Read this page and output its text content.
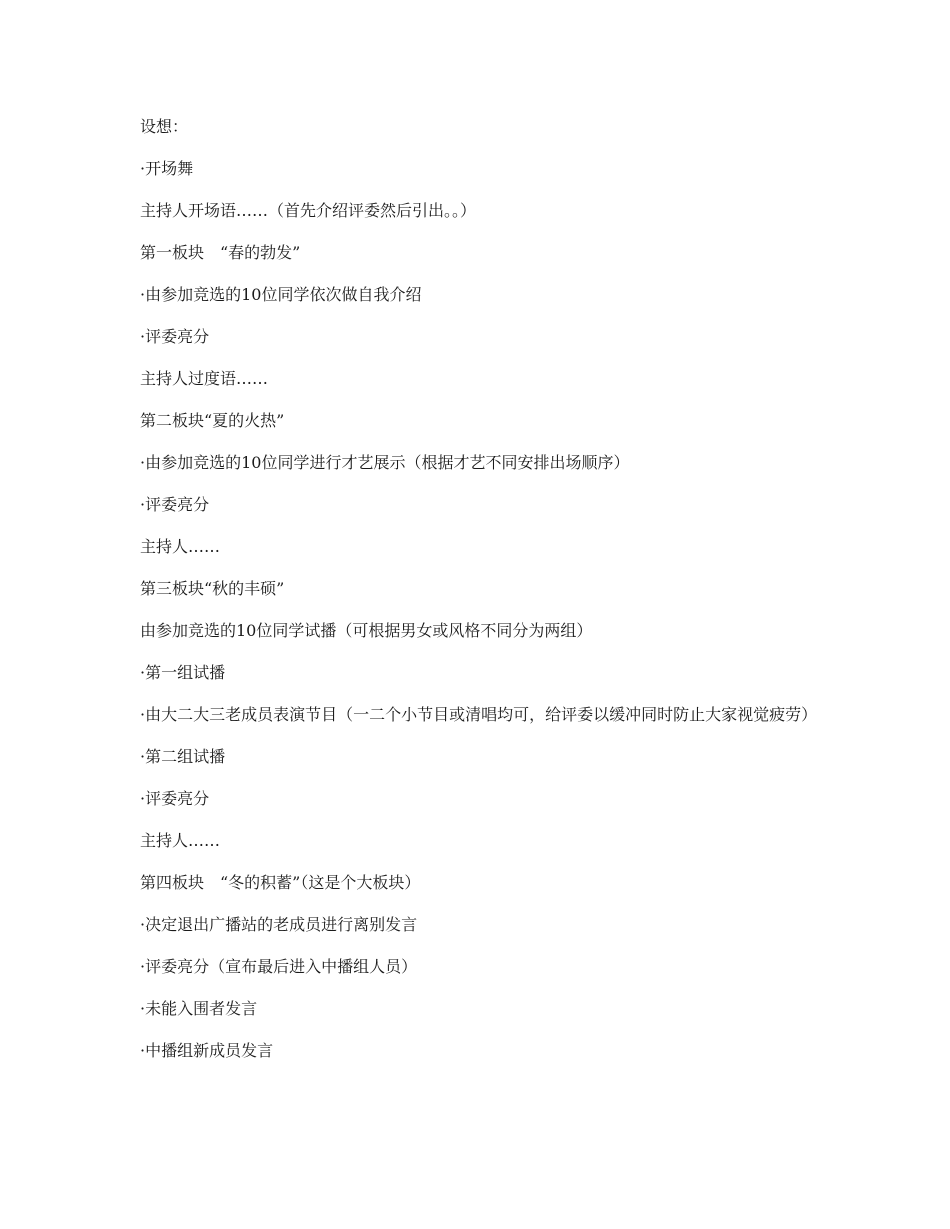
设想：

·开场舞

主持人开场语……（首先介绍评委然后引出。。）

第一板块　“春的勃发”

·由参加竞选的10位同学依次做自我介绍

·评委亮分

主持人过度语……

第二板块“夏的火热”

·由参加竞选的10位同学进行才艺展示（根据才艺不同安排出场顺序）

·评委亮分

主持人……

第三板块“秋的丰硕”

由参加竞选的10位同学试播（可根据男女或风格不同分为两组）

·第一组试播

·由大二大三老成员表演节目（一二个小节目或清唱均可，给评委以缓冲同时防止大家视觉疲劳）

·第二组试播

·评委亮分

主持人……

第四板块　“冬的积蓄”（这是个大板块）

·决定退出广播站的老成员进行离别发言

·评委亮分（宣布最后进入中播组人员）

·未能入围者发言

·中播组新成员发言
